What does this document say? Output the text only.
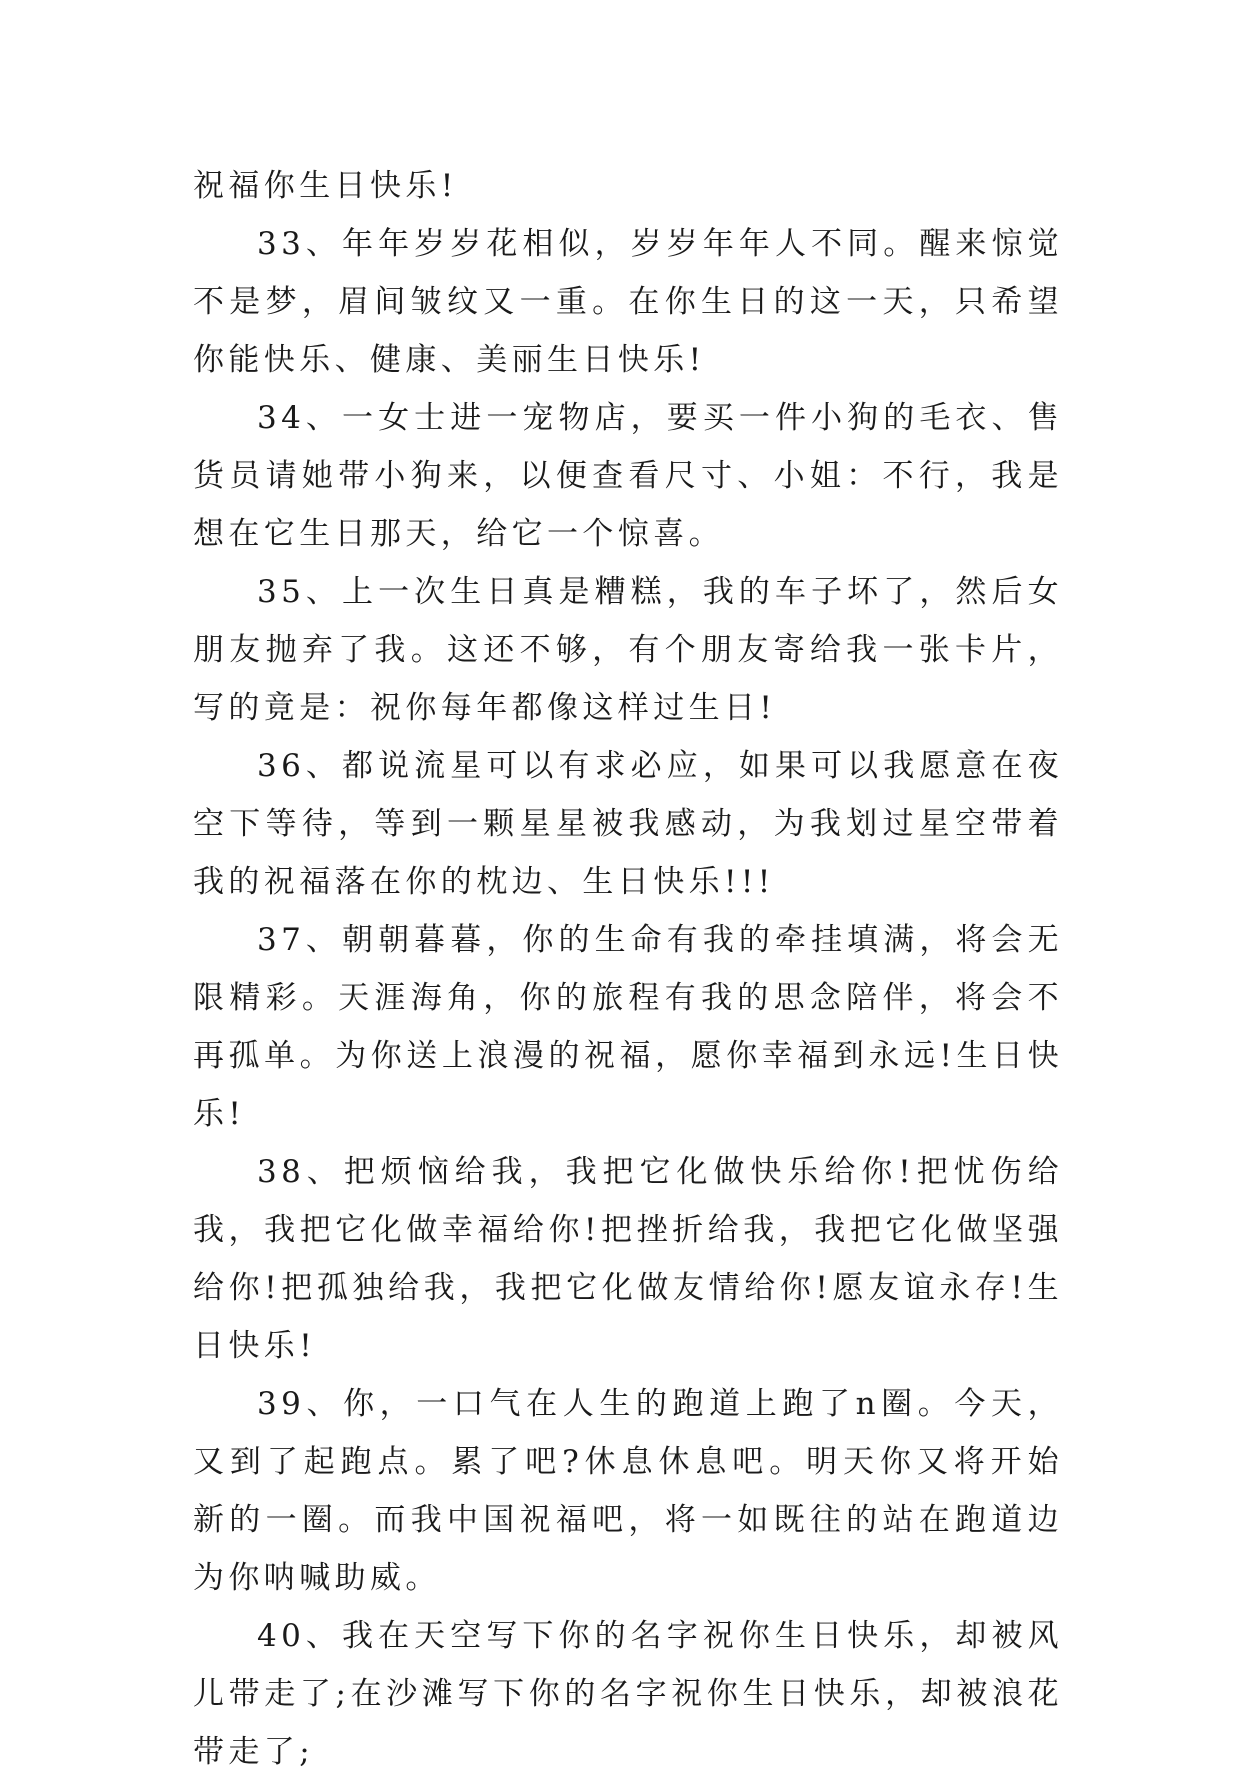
祝福你生日快乐!

33、年年岁岁花相似，岁岁年年人不同。醒来惊觉不是梦，眉间皱纹又一重。在你生日的这一天，只希望你能快乐、健康、美丽生日快乐!

34、一女士进一宠物店，要买一件小狗的毛衣、售货员请她带小狗来，以便查看尺寸、小姐：不行，我是想在它生日那天，给它一个惊喜。

35、上一次生日真是糟糕，我的车子坏了，然后女朋友抛弃了我。这还不够，有个朋友寄给我一张卡片，写的竟是：祝你每年都像这样过生日!

36、都说流星可以有求必应，如果可以我愿意在夜空下等待，等到一颗星星被我感动，为我划过星空带着我的祝福落在你的枕边、生日快乐!!!

37、朝朝暮暮，你的生命有我的牵挂填满，将会无限精彩。天涯海角，你的旅程有我的思念陪伴，将会不再孤单。为你送上浪漫的祝福，愿你幸福到永远!生日快乐!

38、把烦恼给我，我把它化做快乐给你!把忧伤给我，我把它化做幸福给你!把挫折给我，我把它化做坚强给你!把孤独给我，我把它化做友情给你!愿友谊永存!生日快乐!

39、你，一口气在人生的跑道上跑了n圈。今天，又到了起跑点。累了吧?休息休息吧。明天你又将开始新的一圈。而我中国祝福吧，将一如既往的站在跑道边为你呐喊助威。

40、我在天空写下你的名字祝你生日快乐，却被风儿带走了;在沙滩写下你的名字祝你生日快乐，却被浪花带走了;
